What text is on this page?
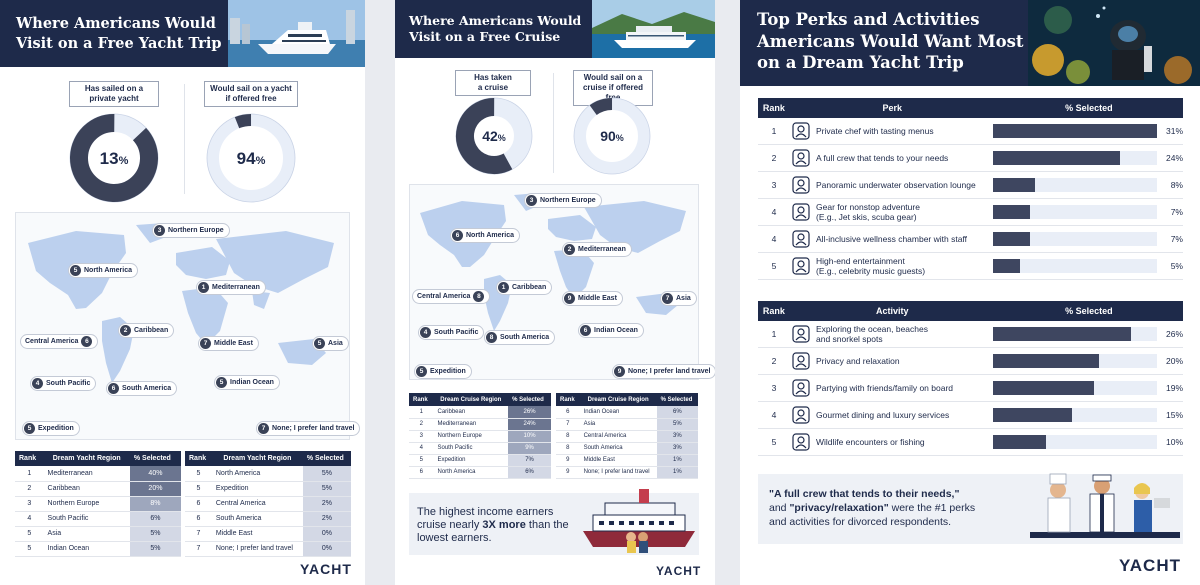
Where Americans Would
Visit on a Free Yacht Trip
Has sailed on a
private yacht
13%
Would sail on a yacht
if offered free
94%
3 Northern Europe
5 North America
1 Mediterranean
2 Caribbean
Central America	6	7 Middle East	5 Asia
4 South Pacific
6 South America
5 Indian Ocean
5 Expedition	7 None; I prefer land travel
Rank	Dream Yacht Region	% Selected
1	Mediterranean	40%
2	Caribbean	20%
3	Northern Europe	8%
4	South Pacific	6%
5	Asia	5%
5	Indian Ocean	5%
Rank	Dream Yacht Region	% Selected
5	North America	5%
5	Expedition	5%
6	Central America	2%
6	South America	2%
7	Middle East	0%
7	None; I prefer land travel	0%
YACHT
Where Americans Would
Visit on a Free Cruise
Has taken
a cruise
42%
Would sail on a
cruise if offered free
90%
3 Northern Europe
6 North America
2 Mediterranean
1 Caribbean
Central America	8	9 Middle East	7 Asia
4 South Pacific
8 South America
6 Indian Ocean
5 Expedition	9 None; I prefer land travel
Rank	Dream Cruise Region	% Selected
1	Caribbean	26%
2	Mediterranean	24%
3	Northern Europe	10%
4	South Pacific	9%
5	Expedition	7%
6	North America	6%
Rank	Dream Cruise Region	% Selected
6	Indian Ocean	6%
7	Asia	5%
8	Central America	3%
8	South America	3%
9	Middle East	1%
9	None; I prefer land travel	1%
The highest income earners
cruise nearly 3X more than the
lowest earners.
YACHT
Top Perks and Activities
Americans Would Want Most
on a Dream Yacht Trip
Rank	Perk	% Selected
1	Private chef with tasting menus	31%
2	A full crew that tends to your needs	24%
3	Panoramic underwater observation lounge	8%
4	Gear for nonstop adventure
(E.g., Jet skis, scuba gear)	7%
4	All-inclusive wellness chamber with staff	7%
5	High-end entertainment
(E.g., celebrity music guests)	5%
Rank	Activity	% Selected
1	Exploring the ocean, beaches
and snorkel spots	26%
2	Privacy and relaxation	20%
3	Partying with friends/family on board	19%
4	Gourmet dining and luxury services	15%
5	Wildlife encounters or fishing	10%
"A full crew that tends to their needs,"
and "privacy/relaxation" were the #1 perks
and activities for divorced respondents.
YACHT
